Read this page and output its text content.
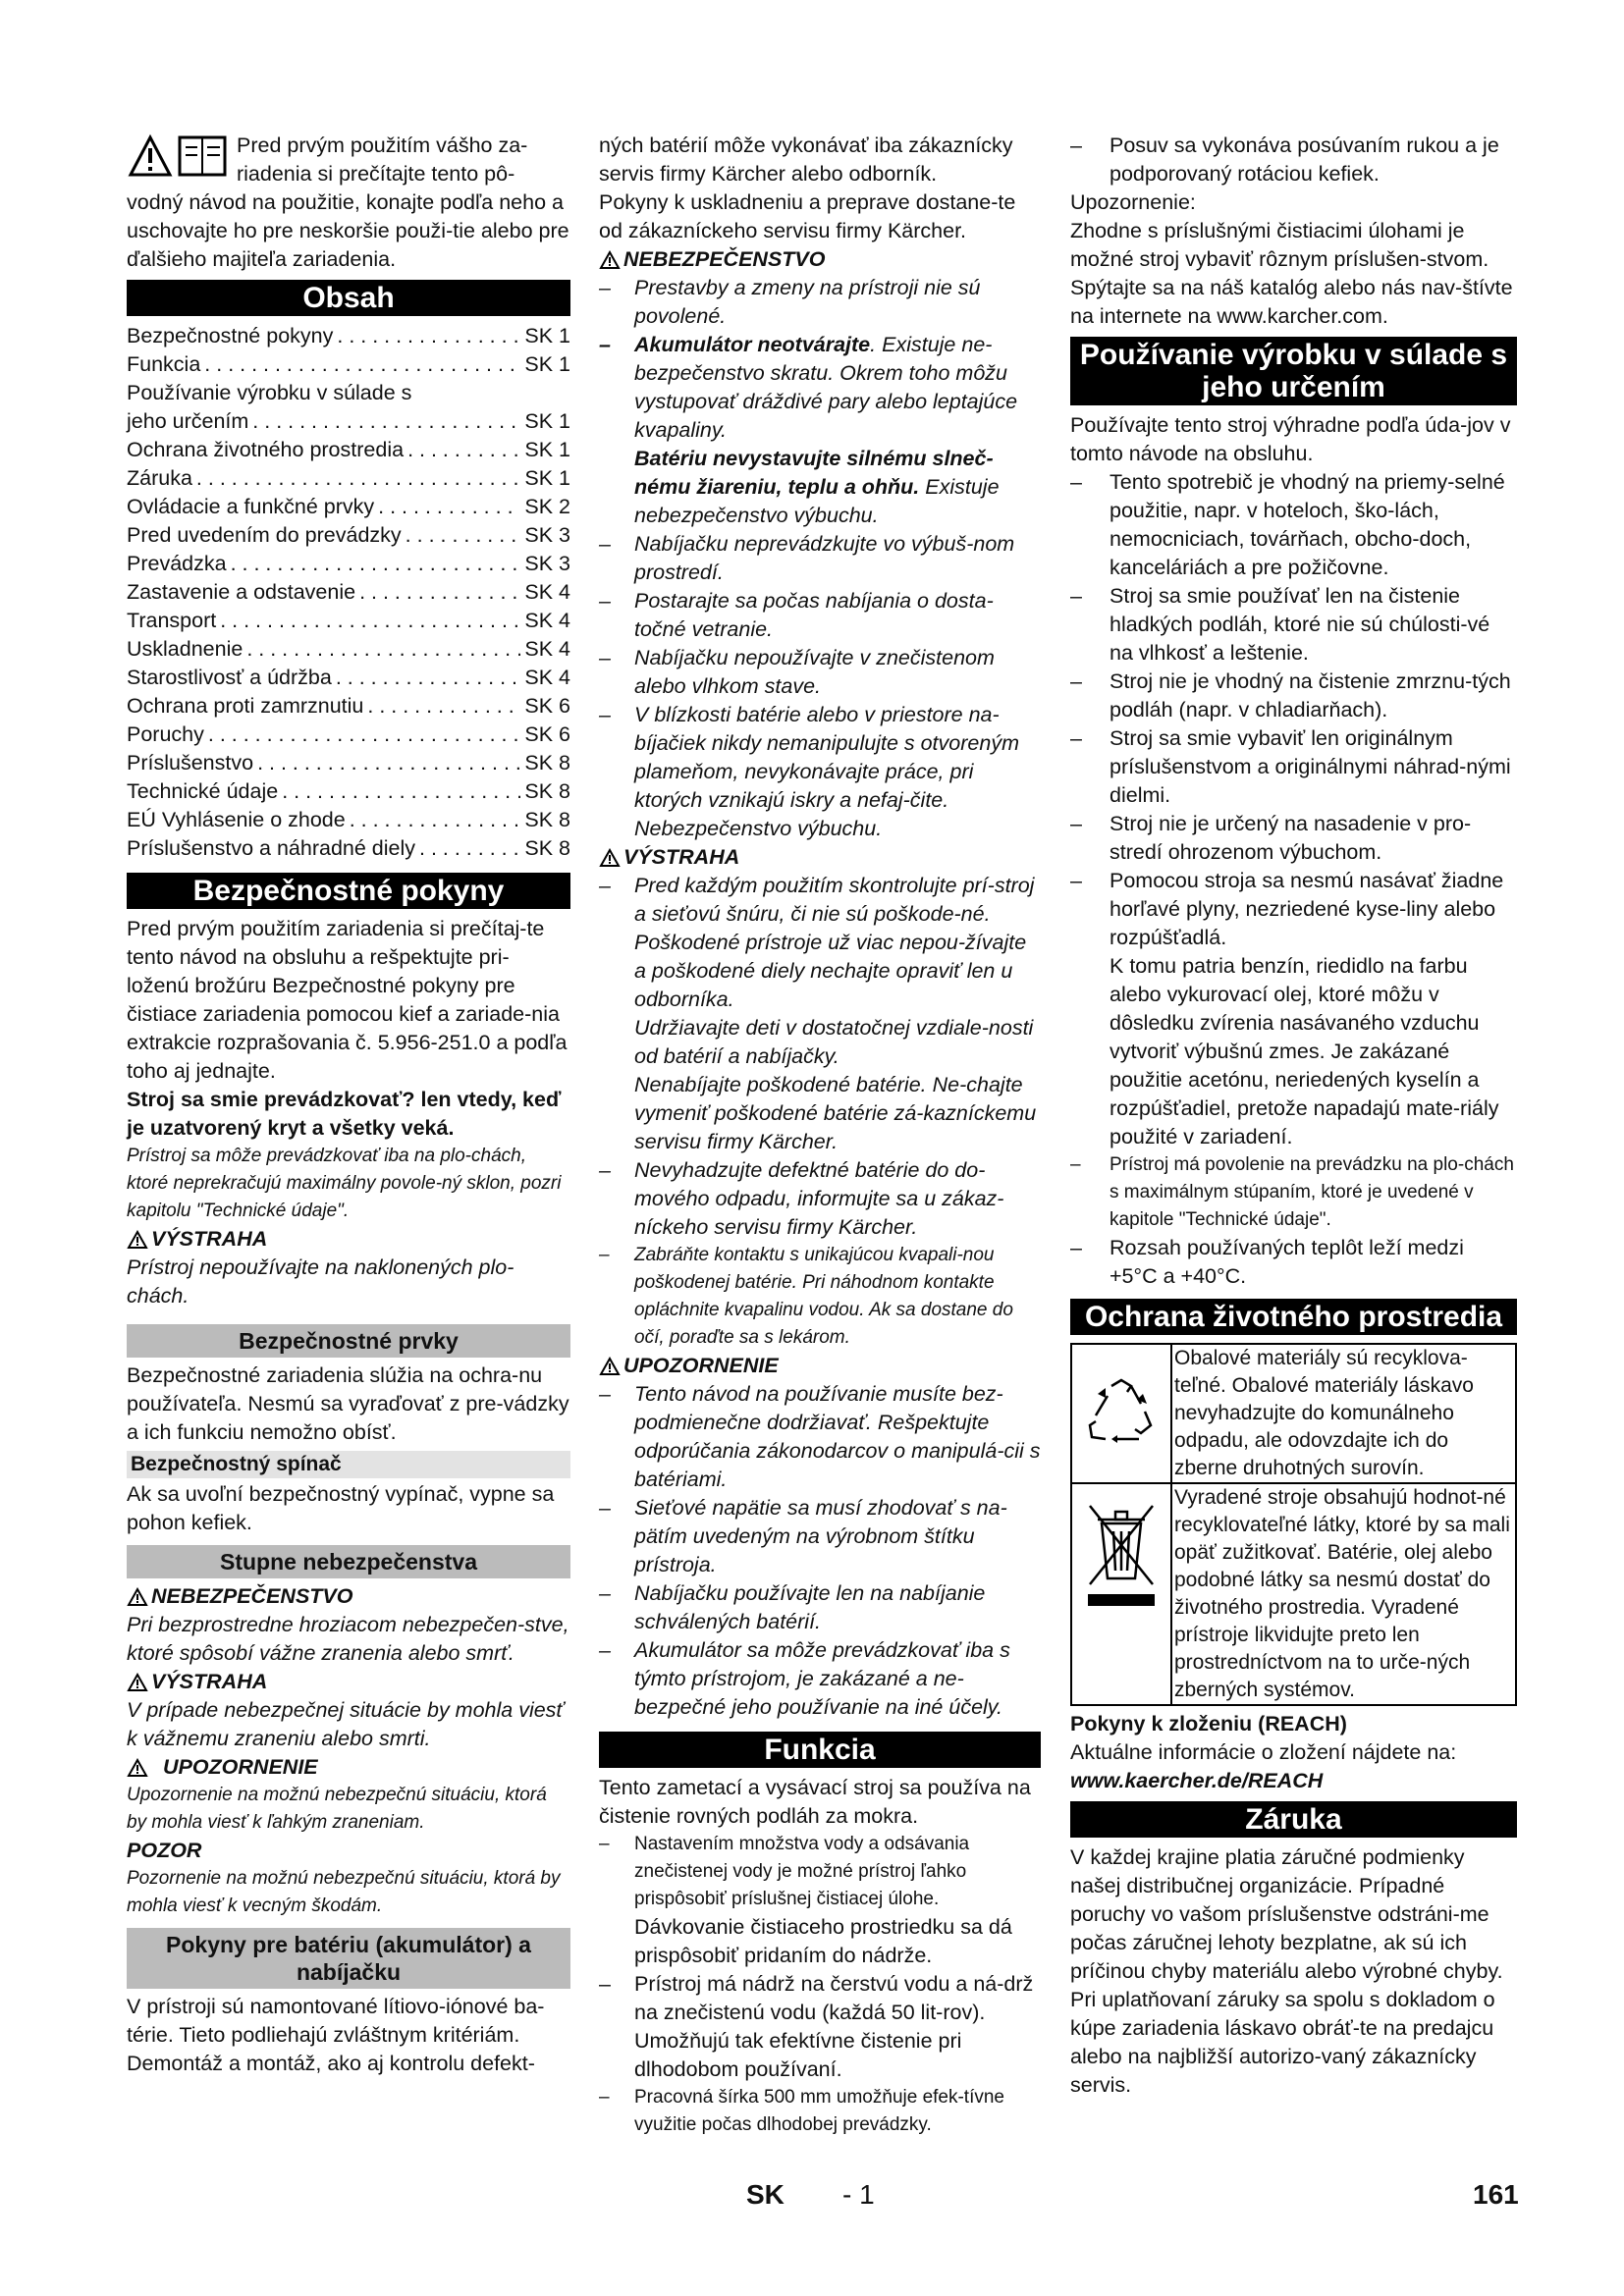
Pred prvým použitím vášho za-

riadenia si prečítajte tento pô-

vodný návod na použitie, konajte podľa neho a uschovajte ho pre neskoršie použi-tie alebo pre ďalšieho majiteľa zariadenia.

Obsah
Bezpečnostné pokyny . . .	SK 1
Funkcia . . .	SK 1
Používanie výrobku v súlade s
jeho určením . . .	SK 1
Ochrana životného prostredia . . .	SK 1
Záruka . . .	SK 1
Ovládacie a funkčné prvky . . .	SK 2
Pred uvedením do prevádzky . . .	SK 3
Prevádzka . . .	SK 3
Zastavenie a odstavenie . . .	SK 4
Transport . . .	SK 4
Uskladnenie . . .	SK 4
Starostlivosť a údržba . . .	SK 4
Ochrana proti zamrznutiu . . .	SK 6
Poruchy . . .	SK 6
Príslušenstvo . . .	SK 8
Technické údaje . . .	SK 8
EÚ Vyhlásenie o zhode . . .	SK 8
Príslušenstvo a náhradné diely . . .	SK 8
Bezpečnostné pokyny

Pred prvým použitím zariadenia si prečítaj-te tento návod na obsluhu a rešpektujte pri-loženú brožúru Bezpečnostné pokyny pre čistiace zariadenia pomocou kief a zariade-nia extrakcie rozprašovania č. 5.956-251.0 a podľa toho aj jednajte.

Stroj sa smie prevádzkovať? len vtedy, keď je uzatvorený kryt a všetky veká.

Prístroj sa môže prevádzkovať iba na plo-chách, ktoré neprekračujú maximálny povole-ný sklon, pozri kapitolu "Technické údaje".

VÝSTRAHA

Prístroj nepoužívajte na naklonených plo-chách.

Bezpečnostné prvky

Bezpečnostné zariadenia slúžia na ochra-nu používateľa. Nesmú sa vyraďovať z pre-vádzky a ich funkciu nemožno obísť.

Bezpečnostný spínač

Ak sa uvoľní bezpečnostný vypínač, vypne sa pohon kefiek.

Stupne nebezpečenstva

NEBEZPEČENSTVO

Pri bezprostredne hroziacom nebezpečen-stve, ktoré spôsobí vážne zranenia alebo smrť.

VÝSTRAHA

V prípade nebezpečnej situácie by mohla viesť k vážnemu zraneniu alebo smrti.

UPOZORNENIE

Upozornenie na možnú nebezpečnú situáciu, ktorá by mohla viesť k ľahkým zraneniam.

POZOR

Pozornenie na možnú nebezpečnú situáciu, ktorá by mohla viesť k vecným škodám.

Pokyny pre batériu (akumulátor) a nabíjačku

V prístroji sú namontované lítiovo-iónové ba-térie. Tieto podliehajú zvláštnym kritériám. Demontáž a montáž, ako aj kontrolu defekt-

ných batérií môže vykonávať iba zákaznícky servis firmy Kärcher alebo odborník.

Pokyny k uskladneniu a preprave dostane-te od zákazníckeho servisu firmy Kärcher.

NEBEZPEČENSTVO

–	Prestavby a zmeny na prístroji nie sú povolené.
–	Akumulátor neotvárajte. Existuje ne-bezpečenstvo skratu. Okrem toho môžu vystupovať dráždivé pary alebo leptajúce kvapaliny.
Batériu nevystavujte silnému slneč-nému žiareniu, teplu a ohňu. Existuje nebezpečenstvo výbuchu.
–	Nabíjačku neprevádzkujte vo výbuš-nom prostredí.
–	Postarajte sa počas nabíjania o dosta-točné vetranie.
–	Nabíjačku nepoužívajte v znečistenom alebo vlhkom stave.
–	V blízkosti batérie alebo v priestore na-bíjačiek nikdy nemanipulujte s otvoreným plameňom, nevykonávajte práce, pri ktorých vznikajú iskry a nefaj-čite. Nebezpečenstvo výbuchu.

VÝSTRAHA

–	Pred každým použitím skontrolujte prí-stroj a sieťovú šnúru, či nie sú poškode-né. Poškodené prístroje už viac nepou-žívajte a poškodené diely nechajte opraviť len u odborníka.
Udržiavajte deti v dostatočnej vzdiale-nosti od batérií a nabíjačky.
Nenabíjajte poškodené batérie. Ne-chajte vymeniť poškodené batérie zá-kazníckemu servisu firmy Kärcher.
–	Nevyhadzujte defektné batérie do do-mového odpadu, informujte sa u zákaz-níckeho servisu firmy Kärcher.
–	Zabráňte kontaktu s unikajúcou kvapali-nou poškodenej batérie. Pri náhodnom kontakte opláchnite kvapalinu vodou. Ak sa dostane do očí, poraďte sa s lekárom.

UPOZORNENIE

–	Tento návod na používanie musíte bez-podmienečne dodržiavať. Rešpektujte odporúčania zákonodarcov o manipulá-cii s batériami.
–	Sieťové napätie sa musí zhodovať s na-pätím uvedeným na výrobnom štítku prístroja.
–	Nabíjačku používajte len na nabíjanie schválených batérií.
–	Akumulátor sa môže prevádzkovať iba s týmto prístrojom, je zakázané a ne-bezpečné jeho používanie na iné účely.
Funkcia

Tento zametací a vysávací stroj sa používa na čistenie rovných podláh za mokra.

–	Nastavením množstva vody a odsávania znečistenej vody je možné prístroj ľahko prispôsobiť príslušnej čistiacej úlohe.
Dávkovanie čistiaceho prostriedku sa dá prispôsobiť pridaním do nádrže.
–	Prístroj má nádrž na čerstvú vodu a ná-drž na znečistenú vodu (každá 50 lit-rov). Umožňujú tak efektívne čistenie pri dlhodobom používaní.
–	Pracovná šírka 500 mm umožňuje efek-tívne využitie počas dlhodobej prevádzky.
–	Posuv sa vykonáva posúvaním rukou a je podporovaný rotáciou kefiek.

Upozornenie:

Zhodne s príslušnými čistiacimi úlohami je možné stroj vybaviť rôznym príslušen-stvom.

Spýtajte sa na náš katalóg alebo nás nav-štívte na internete na www.karcher.com.

Používanie výrobku v súlade s jeho určením

Používajte tento stroj výhradne podľa úda-jov v tomto návode na obsluhu.

–	Tento spotrebič je vhodný na priemy-selné použitie, napr. v hoteloch, ško-lách, nemocniciach, továrňach, obcho-doch, kanceláriách a pre požičovne.
–	Stroj sa smie používať len na čistenie hladkých podláh, ktoré nie sú chúlosti-vé na vlhkosť a leštenie.
–	Stroj nie je vhodný na čistenie zmrznu-tých podláh (napr. v chladiarňach).
–	Stroj sa smie vybaviť len originálnym príslušenstvom a originálnymi náhrad-nými dielmi.
–	Stroj nie je určený na nasadenie v pro-stredí ohrozenom výbuchom.
–	Pomocou stroja sa nesmú nasávať žiadne horľavé plyny, nezriedené kyse-liny alebo rozpúšťadlá.
K tomu patria benzín, riedidlo na farbu alebo vykurovací olej, ktoré môžu v dôsledku zvírenia nasávaného vzduchu vytvoriť výbušnú zmes. Je zakázané použitie acetónu, neriedených kyselín a rozpúšťadiel, pretože napadajú mate-riály použité v zariadení.
–	Prístroj má povolenie na prevádzku na plo-chách s maximálnym stúpaním, ktoré je uvedené v kapitole "Technické údaje".
–	Rozsah používaných teplôt leží medzi +5°C a +40°C.
Ochrana životného prostredia
Obalové materiály sú recyklova-teľné. Obalové materiály láskavo nevyhadzujte do komunálneho odpadu, ale odovzdajte ich do zberne druhotných surovín.
Vyradené stroje obsahujú hodnot-né recyklovateľné látky, ktoré by sa mali opäť zužitkovať. Batérie, olej alebo podobné látky sa nesmú dostať do životného prostredia. Vyradené prístroje likvidujte preto len prostredníctvom na to urče-ných zberných systémov.

Pokyny k zloženiu (REACH)

Aktuálne informácie o zložení nájdete na:

www.kaercher.de/REACH

Záruka

V každej krajine platia záručné podmienky našej distribučnej organizácie. Prípadné poruchy vo vašom príslušenstve odstráni-me počas záručnej lehoty bezplatne, ak sú ich príčinou chyby materiálu alebo výrobné chyby. Pri uplatňovaní záruky sa spolu s dokladom o kúpe zariadenia láskavo obráť-te na predajcu alebo na najbližší autorizo-vaný zákaznícky servis.

SK - 1	161
